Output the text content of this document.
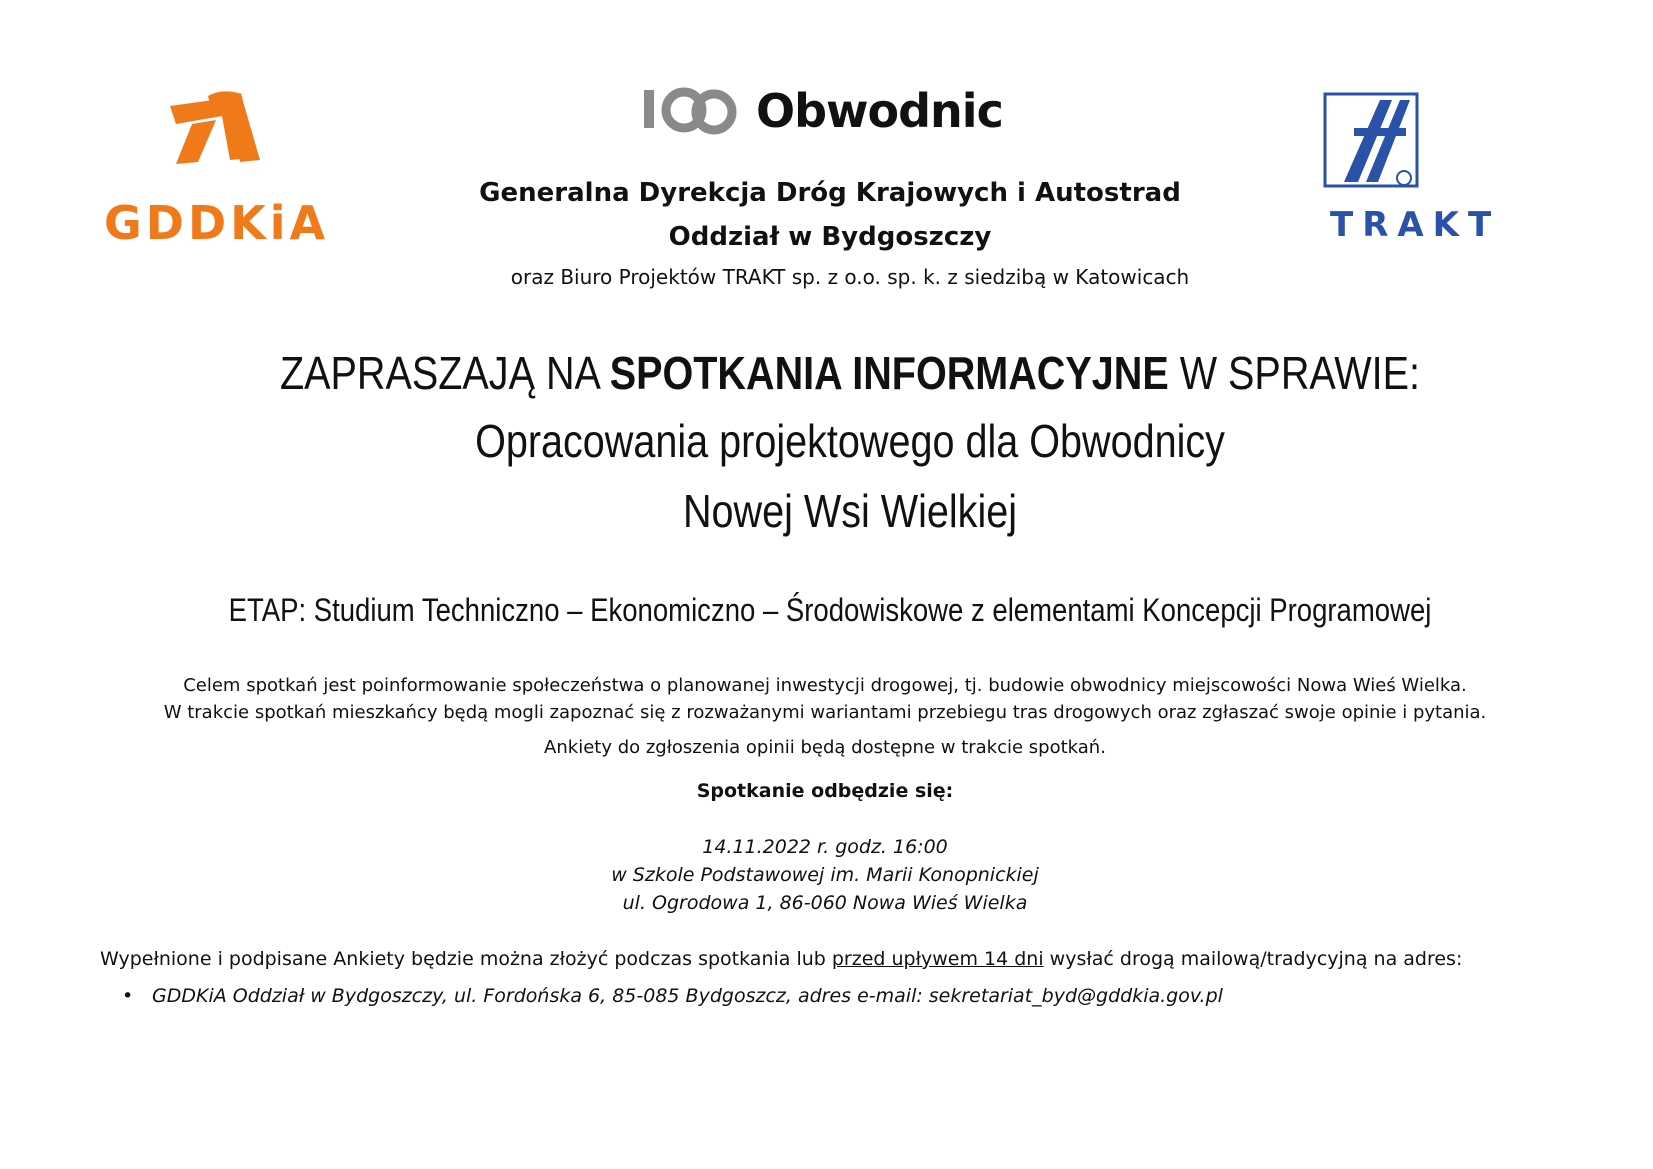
GDDKiA
Obwodnic
TRAKT
Generalna Dyrekcja Dróg Krajowych i Autostrad
Oddział w Bydgoszczy
oraz Biuro Projektów TRAKT sp. z o.o. sp. k. z siedzibą w Katowicach
ZAPRASZAJĄ NA SPOTKANIA INFORMACYJNE W SPRAWIE:
Opracowania projektowego dla Obwodnicy
Nowej Wsi Wielkiej
ETAP: Studium Techniczno – Ekonomiczno – Środowiskowe z elementami Koncepcji Programowej
Celem spotkań jest poinformowanie społeczeństwa o planowanej inwestycji drogowej, tj. budowie obwodnicy miejscowości Nowa Wieś Wielka.
W trakcie spotkań mieszkańcy będą mogli zapoznać się z rozważanymi wariantami przebiegu tras drogowych oraz zgłaszać swoje opinie i pytania.
Ankiety do zgłoszenia opinii będą dostępne w trakcie spotkań.
Spotkanie odbędzie się:
14.11.2022 r. godz. 16:00
w Szkole Podstawowej im. Marii Konopnickiej
ul. Ogrodowa 1, 86-060 Nowa Wieś Wielka
Wypełnione i podpisane Ankiety będzie można złożyć podczas spotkania lub przed upływem 14 dni wysłać drogą mailową/tradycyjną na adres:
• GDDKiA Oddział w Bydgoszczy, ul. Fordońska 6, 85-085 Bydgoszcz, adres e-mail: sekretariat_byd@gddkia.gov.pl
